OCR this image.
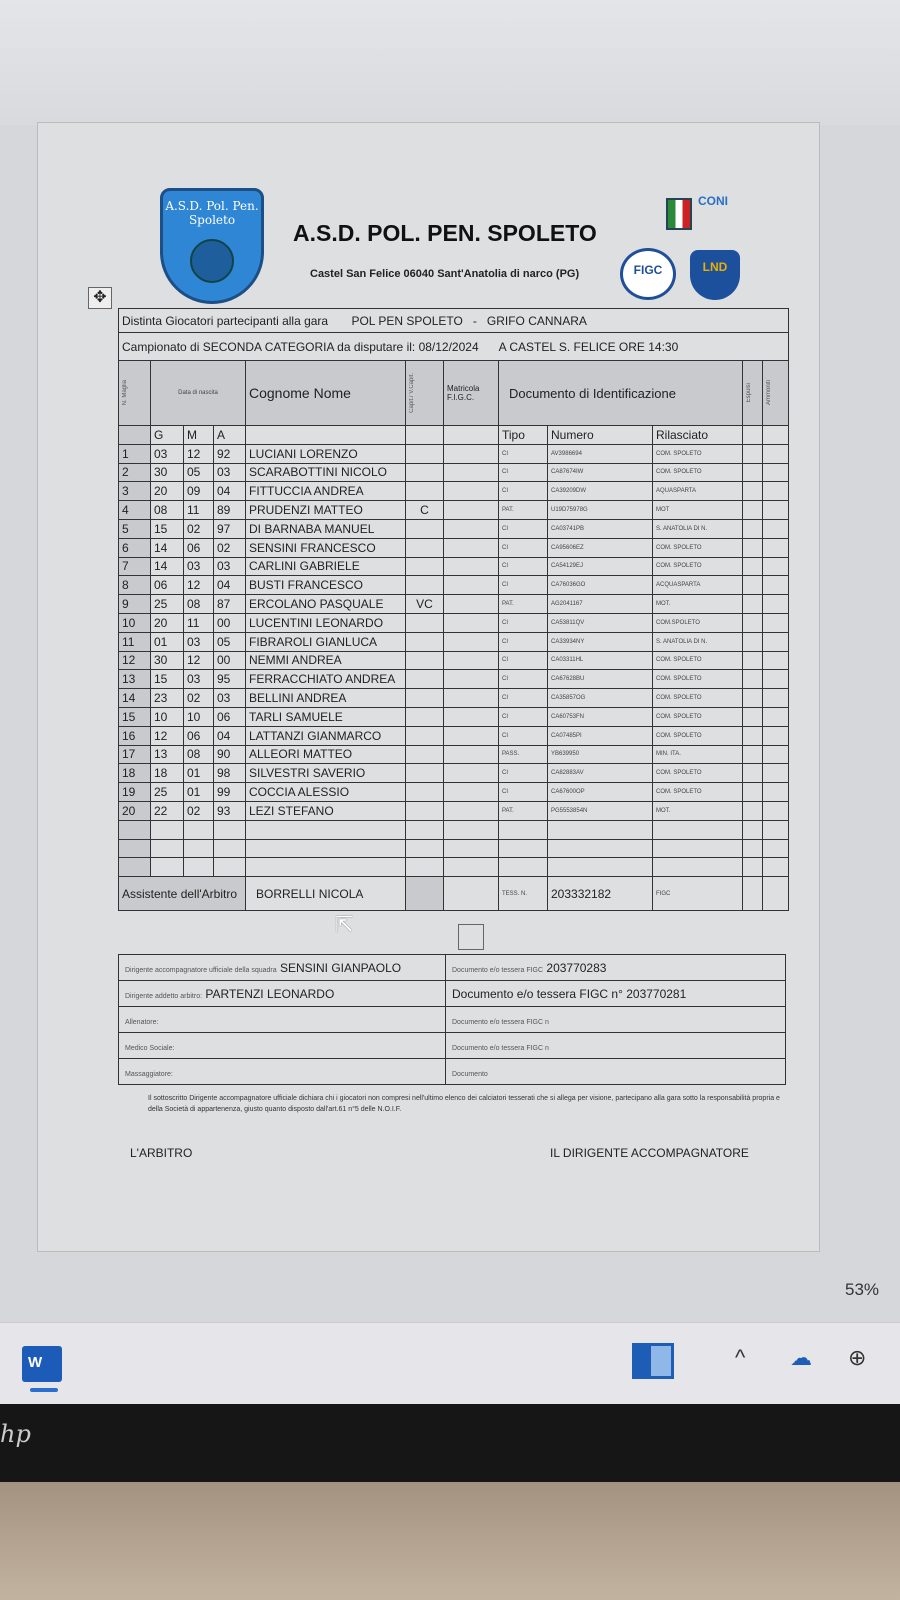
A.S.D. Pol. Pen. Spoleto	A.S.D. POL. PEN. SPOLETO
Castel San Felice 06040 Sant'Anatolia di narco (PG)
CONI
FIGC	LND
✥
Distinta Giocatori partecipanti alla gara POL PEN SPOLETO - GRIFO CANNARA											
Campionato di SECONDA CATEGORIA da disputare il: 08/12/2024 A CASTEL S. FELICE ORE 14:30											

N. Maglia	Data di nascita			Cognome Nome	Capit./ V.Capit.	Matricola F.I.G.C.	Documento di Identificazione			Espulsi	Ammoniti

	G	M	A				Tipo	Numero	Rilasciato		
1	03	12	92	LUCIANI LORENZO			CI	AV3986694	COM. SPOLETO		
2	30	05	03	SCARABOTTINI NICOLO			CI	CA87674IW	COM. SPOLETO		
3	20	09	04	FITTUCCIA ANDREA			CI	CA39209DW	AQUASPARTA		
4	08	11	89	PRUDENZI MATTEO	C		PAT.	U19D75978G	MOT		
5	15	02	97	DI BARNABA MANUEL			CI	CA03741PB	S. ANATOLIA DI N.		
6	14	06	02	SENSINI FRANCESCO			CI	CA95606EZ	COM. SPOLETO		
7	14	03	03	CARLINI GABRIELE			CI	CA54129EJ	COM. SPOLETO		
8	06	12	04	BUSTI FRANCESCO			CI	CA76036GO	ACQUASPARTA		
9	25	08	87	ERCOLANO PASQUALE	VC		PAT.	AG2041167	MOT.		
10	20	11	00	LUCENTINI LEONARDO			CI	CA53811QV	COM.SPOLETO		
11	01	03	05	FIBRAROLI GIANLUCA			CI	CA33934NY	S. ANATOLIA DI N.		
12	30	12	00	NEMMI ANDREA			CI	CA03311HL	COM. SPOLETO		
13	15	03	95	FERRACCHIATO ANDREA			CI	CA67628BU	COM. SPOLETO		
14	23	02	03	BELLINI ANDREA			CI	CA35857OG	COM. SPOLETO		
15	10	10	06	TARLI SAMUELE			CI	CA60753FN	COM. SPOLETO		
16	12	06	04	LATTANZI GIANMARCO			CI	CA07485PI	COM. SPOLETO		
17	13	08	90	ALLEORI MATTEO			PASS.	YB639950	MIN. ITA.		
18	18	01	98	SILVESTRI SAVERIO			CI	CA82883AV	COM. SPOLETO		
19	25	01	99	COCCIA ALESSIO			CI	CA67600OP	COM. SPOLETO		
20	22	02	93	LEZI STEFANO			PAT.	PG5553854N	MOT.		

Assistente dell'Arbitro				BORRELLI NICOLA			TESS. N.	203332182	FIGC		
⇱
Dirigente accompagnatore ufficiale della squadra SENSINI GIANPAOLO	Documento e/o tessera FIGC 203770283
Dirigente addetto arbitro: PARTENZI LEONARDO	Documento e/o tessera FIGC n° 203770281
Allenatore:	Documento e/o tessera FIGC n
Medico Sociale:	Documento e/o tessera FIGC n
Massaggiatore:	Documento
Il sottoscritto Dirigente accompagnatore ufficiale dichiara chi i giocatori non compresi nell'ultimo elenco dei calciatori tesserati che si allega per visione, partecipano alla gara sotto la responsabilità propria e della Società di appartenenza, giusto quanto disposto dall'art.61 n°5 delle N.O.I.F.
L'ARBITRO	IL DIRIGENTE ACCOMPAGNATORE
53%
W	^ ☁ ⊕
hp
